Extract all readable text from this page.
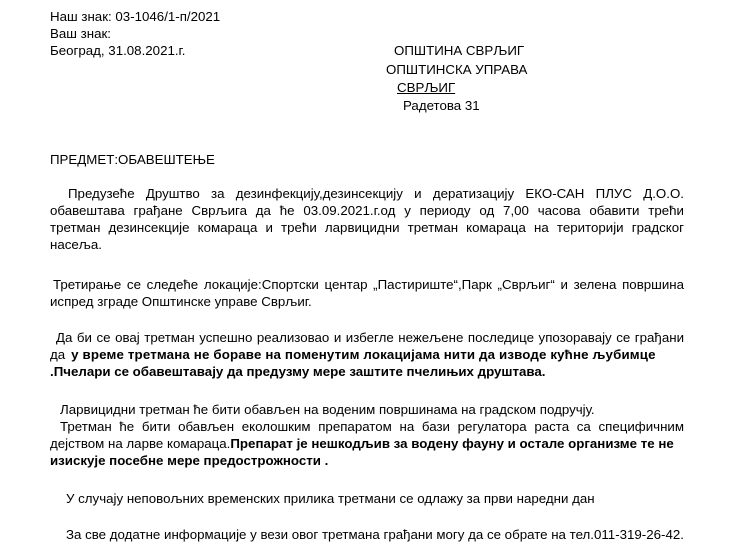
Наш знак: 03-1046/1-п/2021
Ваш знак:
Београд, 31.08.2021.г.	ОПШТИНА СВРЉИГ
ОПШТИНСКА УПРАВА
СВРЉИГ
Радетова 31
ПРЕДМЕТ:ОБАВЕШТЕЊЕ
Предузеће Друштво за дезинфекцију,дезинсекцију и дератизацију ЕКО-САН ПЛУС Д.О.О.
обавештава грађане Сврљига да ће 03.09.2021.г.од у периоду од 7,00 часова обавити трећи
третман дезинсекције комараца и трећи ларвицидни третман комараца на територији градског
насеља.
Третирање се следеће локације:Спортски центар „Пастириште“,Парк „Сврљиг“ и зелена површина
испред зграде Општинске управе Сврљиг.
Да би се овај третман успешно реализовао и избегле нежељене последице упозоравају се грађани
да у време третмана не бораве на поменутим локацијама нити да изводе кућне љубимце
.Пчелари се обавештавају да предузму мере заштите пчелињих друштава.
Ларвицидни третман ће бити обављен на воденим површинама на градском подручју.
Третман ће бити обављен еколошким препаратом на бази регулатора раста са специфичним
дејством на ларве комараца.Препарат је нешкодљив за водену фауну и остале организме те не
изискује посебне мере предострожности .
У случају неповољних временских прилика третмани се одлажу за први наредни дан
За све додатне информације у вези овог третмана грађани могу да се обрате на тел.011-319-26-42.
